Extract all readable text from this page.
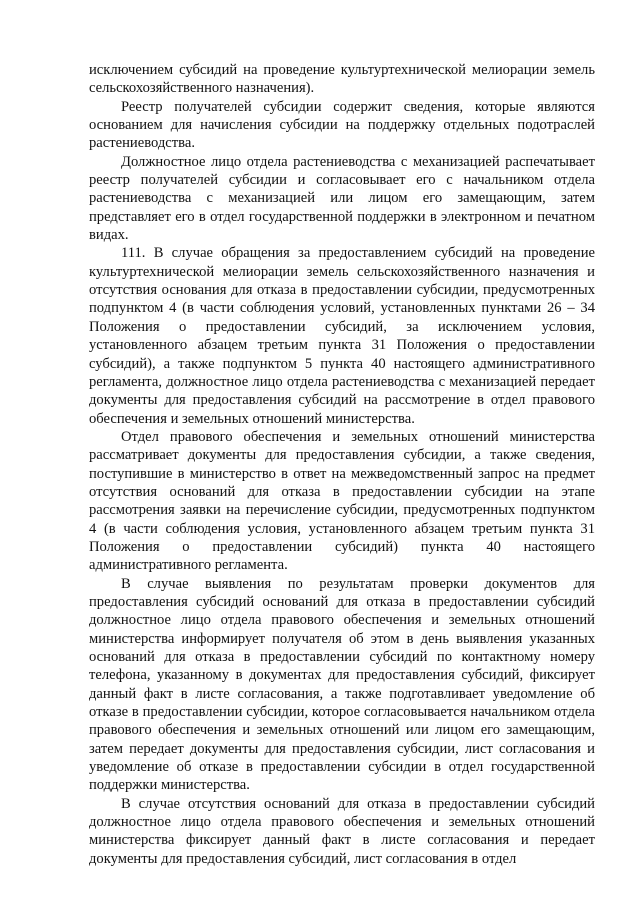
исключением субсидий на проведение культуртехнической мелиорации земель сельскохозяйственного назначения).

Реестр получателей субсидии содержит сведения, которые являются основанием для начисления субсидии на поддержку отдельных подотраслей растениеводства.

Должностное лицо отдела растениеводства с механизацией распечатывает реестр получателей субсидии и согласовывает его с начальником отдела растениеводства с механизацией или лицом его замещающим, затем представляет его в отдел государственной поддержки в электронном и печатном видах.

111. В случае обращения за предоставлением субсидий на проведение культуртехнической мелиорации земель сельскохозяйственного назначения и отсутствия основания для отказа в предоставлении субсидии, предусмотренных подпунктом 4 (в части соблюдения условий, установленных пунктами 26 – 34 Положения о предоставлении субсидий, за исключением условия, установленного абзацем третьим пункта 31 Положения о предоставлении субсидий), а также подпунктом 5 пункта 40 настоящего административного регламента, должностное лицо отдела растениеводства с механизацией передает документы для предоставления субсидий на рассмотрение в отдел правового обеспечения и земельных отношений министерства.

Отдел правового обеспечения и земельных отношений министерства рассматривает документы для предоставления субсидии, а также сведения, поступившие в министерство в ответ на межведомственный запрос на предмет отсутствия оснований для отказа в предоставлении субсидии на этапе рассмотрения заявки на перечисление субсидии, предусмотренных подпунктом 4 (в части соблюдения условия, установленного абзацем третьим пункта 31 Положения о предоставлении субсидий) пункта 40 настоящего административного регламента.

В случае выявления по результатам проверки документов для предоставления субсидий оснований для отказа в предоставлении субсидий должностное лицо отдела правового обеспечения и земельных отношений министерства информирует получателя об этом в день выявления указанных оснований для отказа в предоставлении субсидий по контактному номеру телефона, указанному в документах для предоставления субсидий, фиксирует данный факт в листе согласования, а также подготавливает уведомление об отказе в предоставлении субсидии, которое согласовывается начальником отдела правового обеспечения и земельных отношений или лицом его замещающим, затем передает документы для предоставления субсидии, лист согласования и уведомление об отказе в предоставлении субсидии в отдел государственной поддержки министерства.

В случае отсутствия оснований для отказа в предоставлении субсидий должностное лицо отдела правового обеспечения и земельных отношений министерства фиксирует данный факт в листе согласования и передает документы для предоставления субсидий, лист согласования в отдел
